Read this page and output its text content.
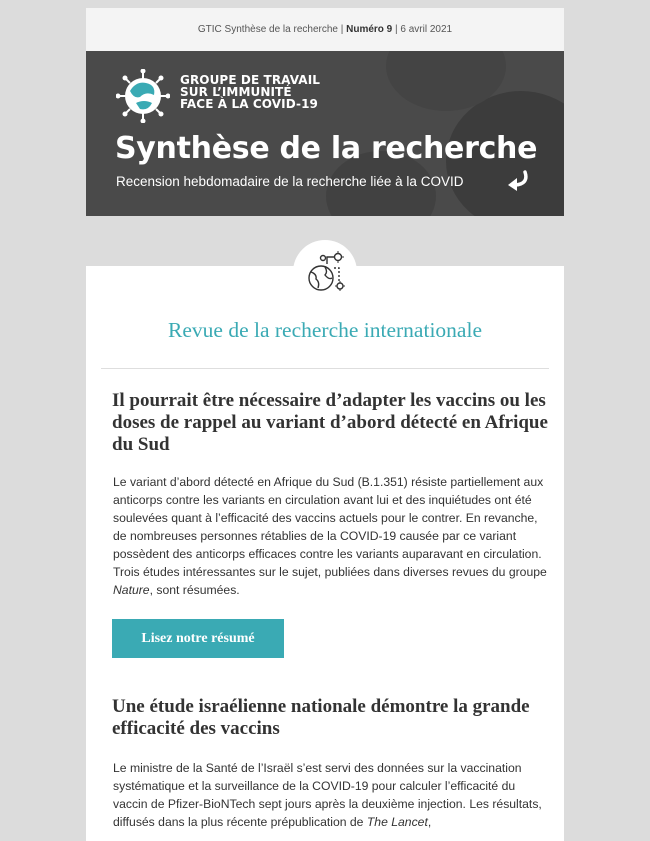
GTIC Synthèse de la recherche | Numéro 9 | 6 avril 2021
GROUPE DE TRAVAIL
SUR L’IMMUNITÉ
FACE À LA COVID-19
Synthèse de la recherche
Recension hebdomadaire de la recherche liée à la COVID
Revue de la recherche internationale
Il pourrait être nécessaire d’adapter les vaccins ou les doses de rappel au variant d’abord détecté en Afrique du Sud
Le variant d’abord détecté en Afrique du Sud (B.1.351) résiste partiellement aux anticorps contre les variants en circulation avant lui et des inquiétudes ont été soulevées quant à l’efficacité des vaccins actuels pour le contrer. En revanche, de nombreuses personnes rétablies de la COVID-19 causée par ce variant possèdent des anticorps efficaces contre les variants auparavant en circulation. Trois études intéressantes sur le sujet, publiées dans diverses revues du groupe Nature, sont résumées.
Lisez notre résumé
Une étude israélienne nationale démontre la grande efficacité des vaccins
Le ministre de la Santé de l’Israël s’est servi des données sur la vaccination systématique et la surveillance de la COVID-19 pour calculer l’efficacité du vaccin de Pfizer-BioNTech sept jours après la deuxième injection. Les résultats, diffusés dans la plus récente prépublication de The Lancet,
